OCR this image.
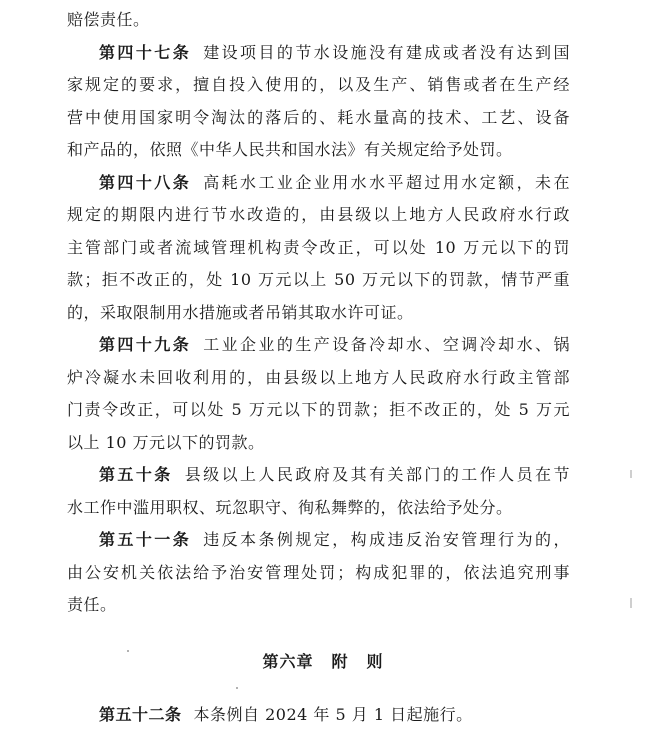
赔偿责任。
第四十七条 建设项目的节水设施没有建成或者没有达到国
家规定的要求，擅自投入使用的，以及生产、销售或者在生产经
营中使用国家明令淘汰的落后的、耗水量高的技术、工艺、设备
和产品的，依照《中华人民共和国水法》有关规定给予处罚。
第四十八条 高耗水工业企业用水水平超过用水定额，未在
规定的期限内进行节水改造的，由县级以上地方人民政府水行政
主管部门或者流域管理机构责令改正，可以处 10 万元以下的罚
款；拒不改正的，处 10 万元以上 50 万元以下的罚款，情节严重
的，采取限制用水措施或者吊销其取水许可证。
第四十九条 工业企业的生产设备冷却水、空调冷却水、锅
炉冷凝水未回收利用的，由县级以上地方人民政府水行政主管部
门责令改正，可以处 5 万元以下的罚款；拒不改正的，处 5 万元
以上 10 万元以下的罚款。
第五十条 县级以上人民政府及其有关部门的工作人员在节
水工作中滥用职权、玩忽职守、徇私舞弊的，依法给予处分。
第五十一条 违反本条例规定，构成违反治安管理行为的，
由公安机关依法给予治安管理处罚；构成犯罪的，依法追究刑事
责任。
第六章 附 则
第五十二条 本条例自 2024 年 5 月 1 日起施行。
